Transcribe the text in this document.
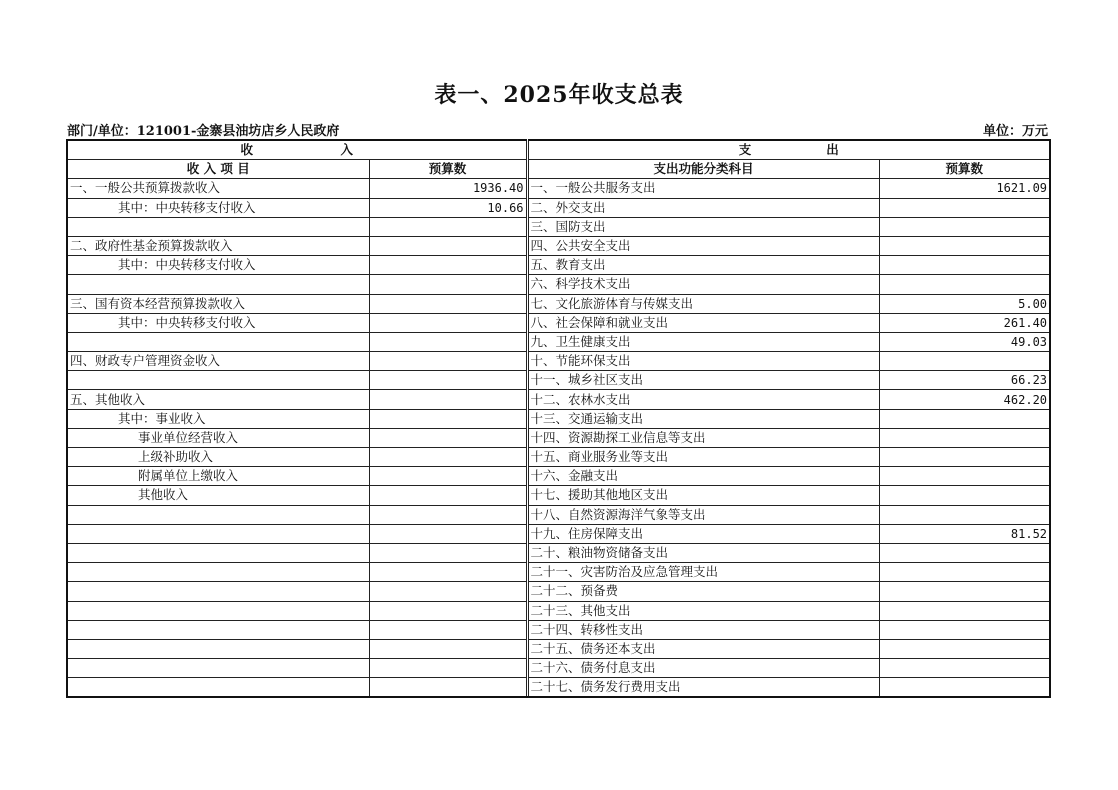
表一、2025年收支总表
部门/单位：121001-金寨县油坊店乡人民政府	单位：万元
收　　　　　　　入			支　　　　　　出	
收 入 项 目	预算数		支出功能分类科目	预算数
一、一般公共预算拨款收入	1936.40		一、一般公共服务支出	1621.09
其中：中央转移支付收入	10.66		二、外交支出	
			三、国防支出	
二、政府性基金预算拨款收入			四、公共安全支出	
其中：中央转移支付收入			五、教育支出	
			六、科学技术支出	
三、国有资本经营预算拨款收入			七、文化旅游体育与传媒支出	5.00
其中：中央转移支付收入			八、社会保障和就业支出	261.40
			九、卫生健康支出	49.03
四、财政专户管理资金收入			十、节能环保支出	
			十一、城乡社区支出	66.23
五、其他收入			十二、农林水支出	462.20
其中：事业收入			十三、交通运输支出	
事业单位经营收入			十四、资源勘探工业信息等支出	
上级补助收入			十五、商业服务业等支出	
附属单位上缴收入			十六、金融支出	
其他收入			十七、援助其他地区支出	
			十八、自然资源海洋气象等支出	
			十九、住房保障支出	81.52
			二十、粮油物资储备支出	
			二十一、灾害防治及应急管理支出	
			二十二、预备费	
			二十三、其他支出	
			二十四、转移性支出	
			二十五、债务还本支出	
			二十六、债务付息支出	
			二十七、债务发行费用支出	
